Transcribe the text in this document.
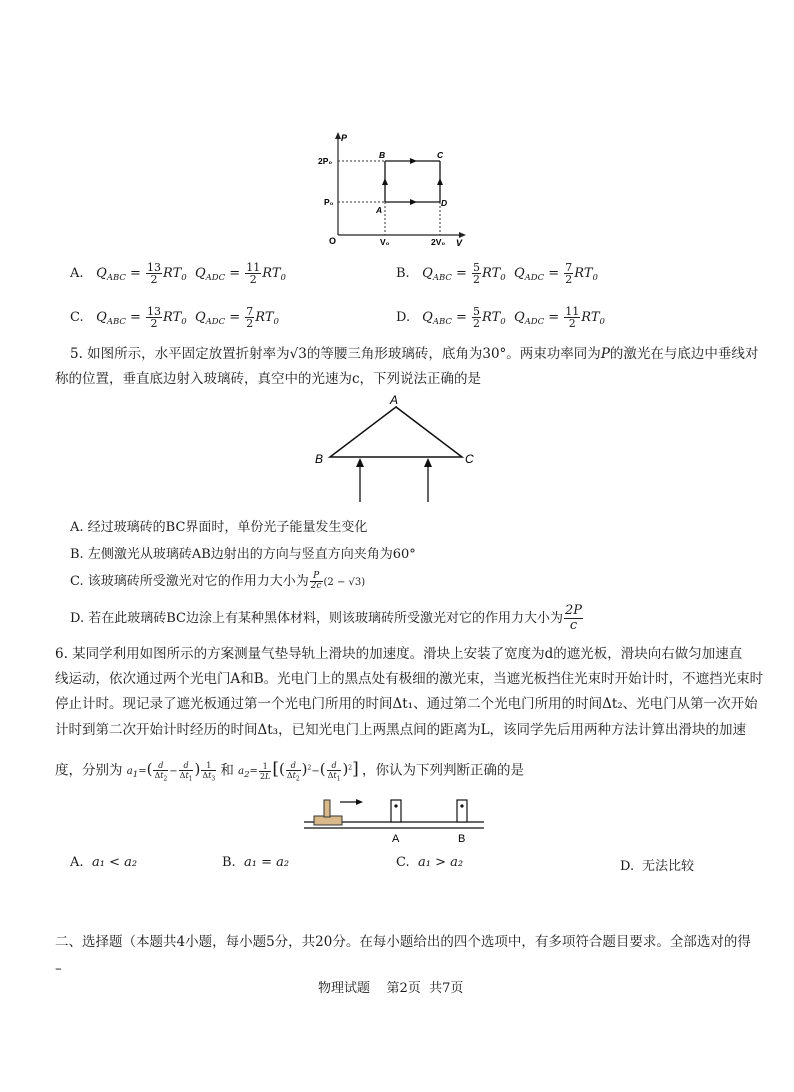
P
V
O
2P₀
P₀
V₀	2V₀
A
B	C
D
A. $Q_{ABC} = \frac{13}{2} RT_0$ $Q_{ADC} = \frac{11}{2} RT_0$	B. $Q_{ABC} = \frac{5}{2} RT_0$ $Q_{ADC} = \frac{7}{2} RT_0$
C. $Q_{ABC} = \frac{13}{2} RT_0$ $Q_{ADC} = \frac{7}{2} RT_0$	D. $Q_{ABC} = \frac{5}{2} RT_0$ $Q_{ADC} = \frac{11}{2} RT_0$
5. 如图所示，水平固定放置折射率为√3的等腰三角形玻璃砖，底角为30°。两束功率同为P的激光在与底边中垂线对
称的位置，垂直底边射入玻璃砖，真空中的光速为c，下列说法正确的是
A
B	C
A. 经过玻璃砖的BC界面时，单份光子能量发生变化
B. 左侧激光从玻璃砖AB边射出的方向与竖直方向夹角为60°
C. 该玻璃砖所受激光对它的作用力大小为 $\frac{P}{2c} (2 - √3)$
D. 若在此玻璃砖BC边涂上有某种黑体材料，则该玻璃砖所受激光对它的作用力大小为 $\frac{2P}{c}$
6. 某同学利用如图所示的方案测量气垫导轨上滑块的加速度。滑块上安装了宽度为d的遮光板，滑块向右做匀加速直
线运动，依次通过两个光电门A和B。光电门上的黑点处有极细的激光束，当遮光板挡住光束时开始计时，不遮挡光束时
停止计时。现记录了遮光板通过第一个光电门所用的时间Δt₁、通过第二个光电门所用的时间Δt₂、光电门从第一次开始
计时到第二次开始计时经历的时间Δt₃，已知光电门上两黑点间的距离为L，该同学先后用两种方法计算出滑块的加速
度，分别为 $a_1=( \frac{d}{\Delta t_2} - \frac{d}{\Delta t_1}$ ) $\frac{1}{\Delta t_3}$ 和 $a_2= \frac{1}{2L}$ [( $\frac{d}{\Delta t_2} )^2-( \frac{d}{\Delta t_1} )^2$] ，你认为下列判断正确的是
A	B
A. a₁ < a₂	B. a₁ = a₂	C. a₁ > a₂	D. 无法比较
二、选择题（本题共4小题，每小题5分，共20分。在每小题给出的四个选项中，有多项符合题目要求。全部选对的得
–
物理试题 第2页 共7页
